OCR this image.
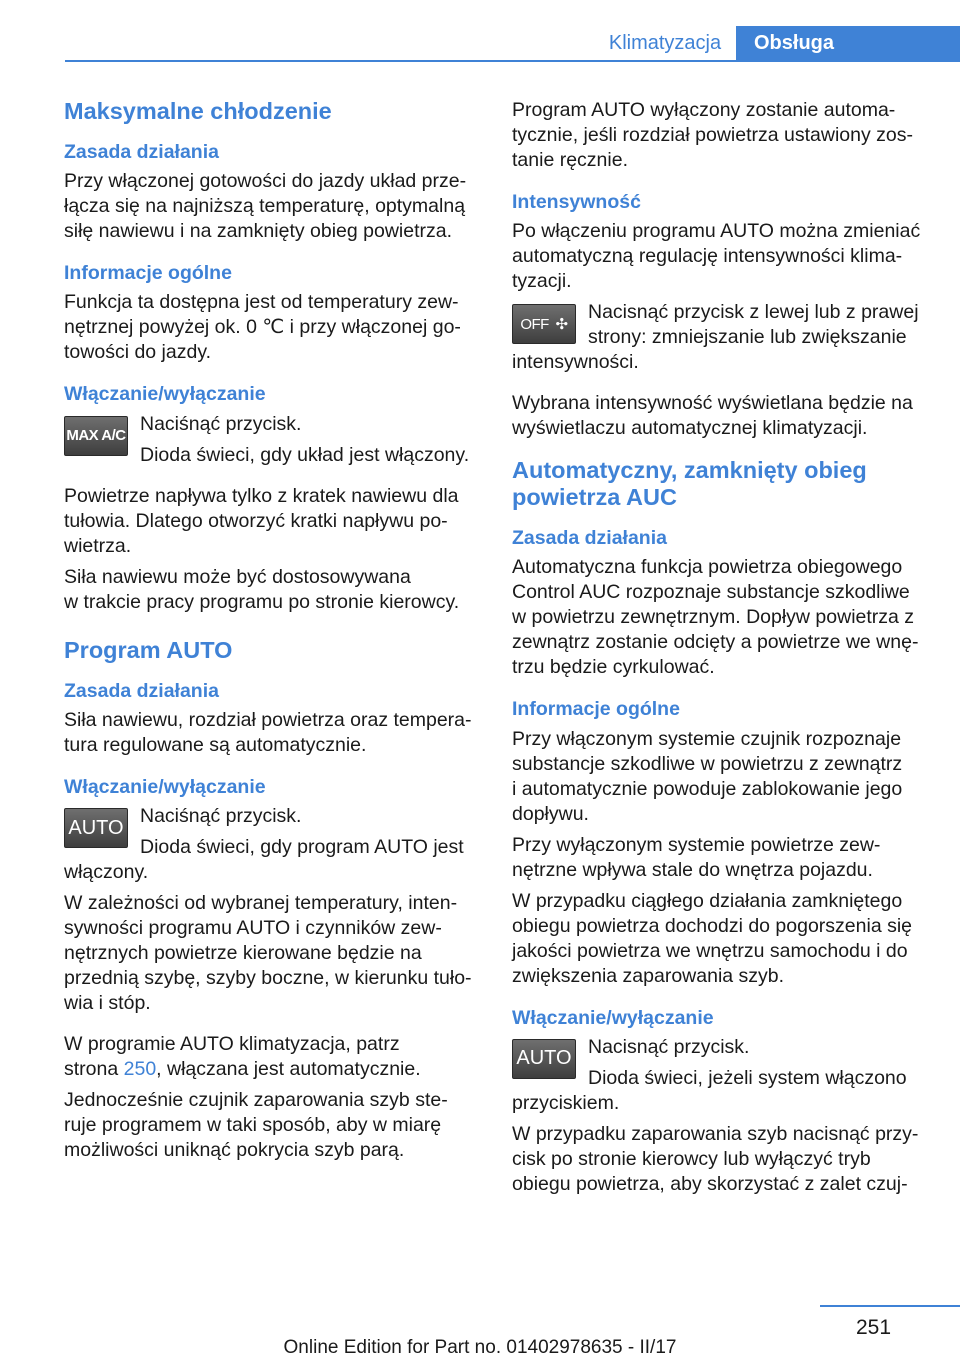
Klimatyzacja	Obsługa
Maksymalne chłodzenie
Zasada działania

Przy włączonej gotowości do jazdy układ prze-
łącza się na najniższą temperaturę, optymalną
siłę nawiewu i na zamknięty obieg powietrza.

Informacje ogólne

Funkcja ta dostępna jest od temperatury zew-
nętrznej powyżej ok. 0 ℃ i przy włączonej go-
towości do jazdy.

Włączanie/wyłączanie
MAX A/C

Naciśnąć przycisk.

Dioda świeci, gdy układ jest włączony.

Powietrze napływa tylko z kratek nawiewu dla
tułowia. Dlatego otworzyć kratki napływu po-
wietrza.

Siła nawiewu może być dostosowywana
w trakcie pracy programu po stronie kierowcy.

Program AUTO
Zasada działania

Siła nawiewu, rozdział powietrza oraz tempera-
tura regulowane są automatycznie.

Włączanie/wyłączanie
AUTO

Naciśnąć przycisk.

Dioda świeci, gdy program AUTO jest

włączony.

W zależności od wybranej temperatury, inten-
sywności programu AUTO i czynników zew-
nętrznych powietrze kierowane będzie na
przednią szybę, szyby boczne, w kierunku tuło-
wia i stóp.

W programie AUTO klimatyzacja, patrz
strona 250, włączana jest automatycznie.

Jednocześnie czujnik zaparowania szyb ste-
ruje programem w taki sposób, aby w miarę
możliwości uniknąć pokrycia szyb parą.

Program AUTO wyłączony zostanie automa-
tycznie, jeśli rozdział powietrza ustawiony zos-
tanie ręcznie.

Intensywność

Po włączeniu programu AUTO można zmieniać
automatyczną regulację intensywności klima-
tyzacji.

OFF ✣

Nacisnąć przycisk z lewej lub z prawej

strony: zmniejszanie lub zwiększanie

intensywności.

Wybrana intensywność wyświetlana będzie na
wyświetlaczu automatycznej klimatyzacji.

Automatyczny, zamknięty obieg
powietrza AUC
Zasada działania

Automatyczna funkcja powietrza obiegowego
Control AUC rozpoznaje substancje szkodliwe
w powietrzu zewnętrznym. Dopływ powietrza z
zewnątrz zostanie odcięty a powietrze we wnę-
trzu będzie cyrkulować.

Informacje ogólne

Przy włączonym systemie czujnik rozpoznaje
substancje szkodliwe w powietrzu z zewnątrz
i automatycznie powoduje zablokowanie jego
dopływu.

Przy wyłączonym systemie powietrze zew-
nętrzne wpływa stale do wnętrza pojazdu.

W przypadku ciągłego działania zamkniętego
obiegu powietrza dochodzi do pogorszenia się
jakości powietrza we wnętrzu samochodu i do
zwiększenia zaparowania szyb.

Włączanie/wyłączanie
AUTO

Nacisnąć przycisk.

Dioda świeci, jeżeli system włączono

przyciskiem.

W przypadku zaparowania szyb nacisnąć przy-
cisk po stronie kierowcy lub wyłączyć tryb
obiegu powietrza, aby skorzystać z zalet czuj-

251
Online Edition for Part no. 01402978635 - II/17
